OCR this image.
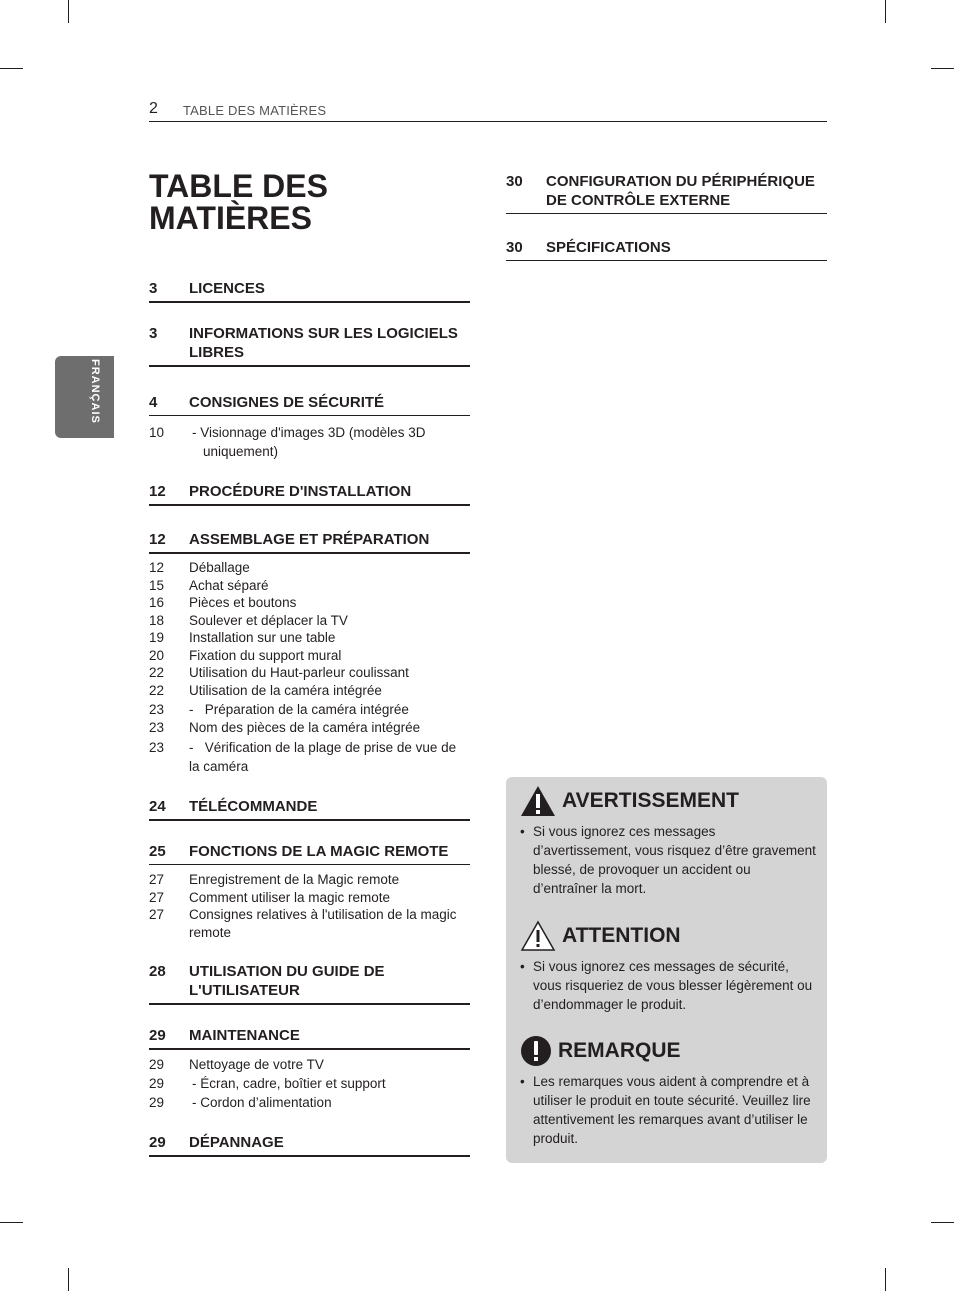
2 TABLE DES MATIÈRES
FRANÇAIS
TABLE DES MATIÈRES
3	LICENCES
3	INFORMATIONS SUR LES LOGICIELS LIBRES
4	CONSIGNES DE SÉCURITÉ
10	- Visionnage d'images 3D (modèles 3D uniquement)
12	PROCÉDURE D'INSTALLATION
12	ASSEMBLAGE ET PRÉPARATION
12	Déballage
15	Achat séparé
16	Pièces et boutons
18	Soulever et déplacer la TV
19	Installation sur une table
20	Fixation du support mural
22	Utilisation du Haut-parleur coulissant
22	Utilisation de la caméra intégrée
23	-   Préparation de la caméra intégrée
23	Nom des pièces de la caméra intégrée
23	-   Vérification de la plage de prise de vue de la caméra
24	TÉLÉCOMMANDE
25	FONCTIONS DE LA MAGIC REMOTE
27	Enregistrement de la Magic remote
27	Comment utiliser la magic remote
27	Consignes relatives à l'utilisation de la magic remote
28	UTILISATION DU GUIDE DE L'UTILISATEUR
29	MAINTENANCE
29	Nettoyage de votre TV
29	- Écran, cadre, boîtier et support
29	- Cordon d’alimentation
29	DÉPANNAGE
30	CONFIGURATION DU PÉRIPHÉRIQUE DE CONTRÔLE EXTERNE
30	SPÉCIFICATIONS
AVERTISSEMENT
• Si vous ignorez ces messages d’avertissement, vous risquez d’être gravement blessé, de provoquer un accident ou d’entraîner la mort.
ATTENTION
• Si vous ignorez ces messages de sécurité, vous risqueriez de vous blesser légèrement ou d’endommager le produit.
REMARQUE
• Les remarques vous aident à comprendre et à utiliser le produit en toute sécurité. Veuillez lire attentivement les remarques avant d’utiliser le produit.
